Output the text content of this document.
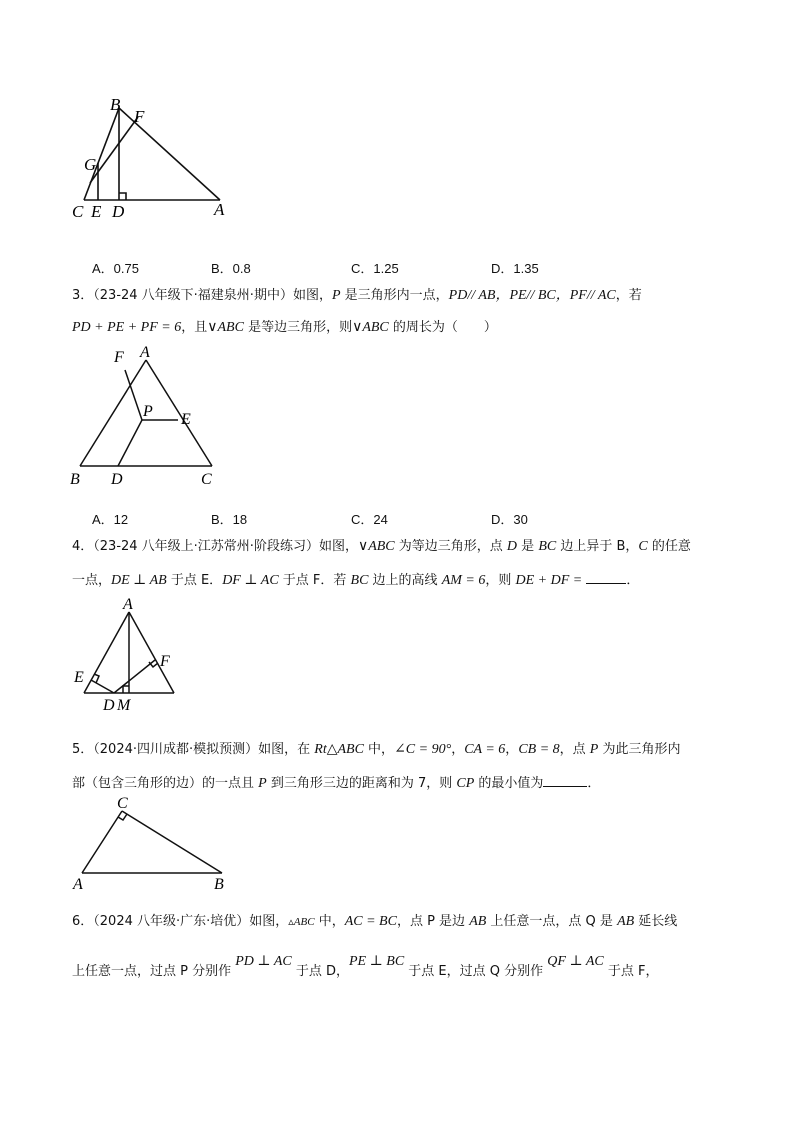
B
F
G
C E D	A
A．0.75	B．0.8	C．1.25	D．1.35
3．（23-24 八年级下·福建泉州·期中）如图，P 是三角形内一点，PD// AB，PE// BC，PF// AC，若
PD + PE + PF = 6，且∨ABC 是等边三角形，则∨ABC 的周长为（　　）
A
F
P E
B D	C
A．12	B．18	C．24	D．30
4．（23-24 八年级上·江苏常州·阶段练习）如图，∨ABC 为等边三角形，点 D 是 BC 边上异于 B，C 的任意
一点，DE ⊥ AB 于点 E．DF ⊥ AC 于点 F．若 BC 边上的高线 AM = 6，则 DE + DF =	．
A
E
F
D M
5．（2024·四川成都·模拟预测）如图，在 Rt△ABC 中，∠C = 90°，CA = 6，CB = 8，点 P 为此三角形内
部（包含三角形的边）的一点且 P 到三角形三边的距离和为 7，则 CP 的最小值为	．
C
A	B
6．（2024 八年级·广东·培优）如图，▵ABC 中，AC = BC，点 P 是边 AB 上任意一点，点 Q 是 AB 延长线
上任意一点，过点 P 分别作 PD ⊥ AC 于点 D，PE ⊥ BC 于点 E，过点 Q 分别作 QF ⊥ AC 于点 F，
